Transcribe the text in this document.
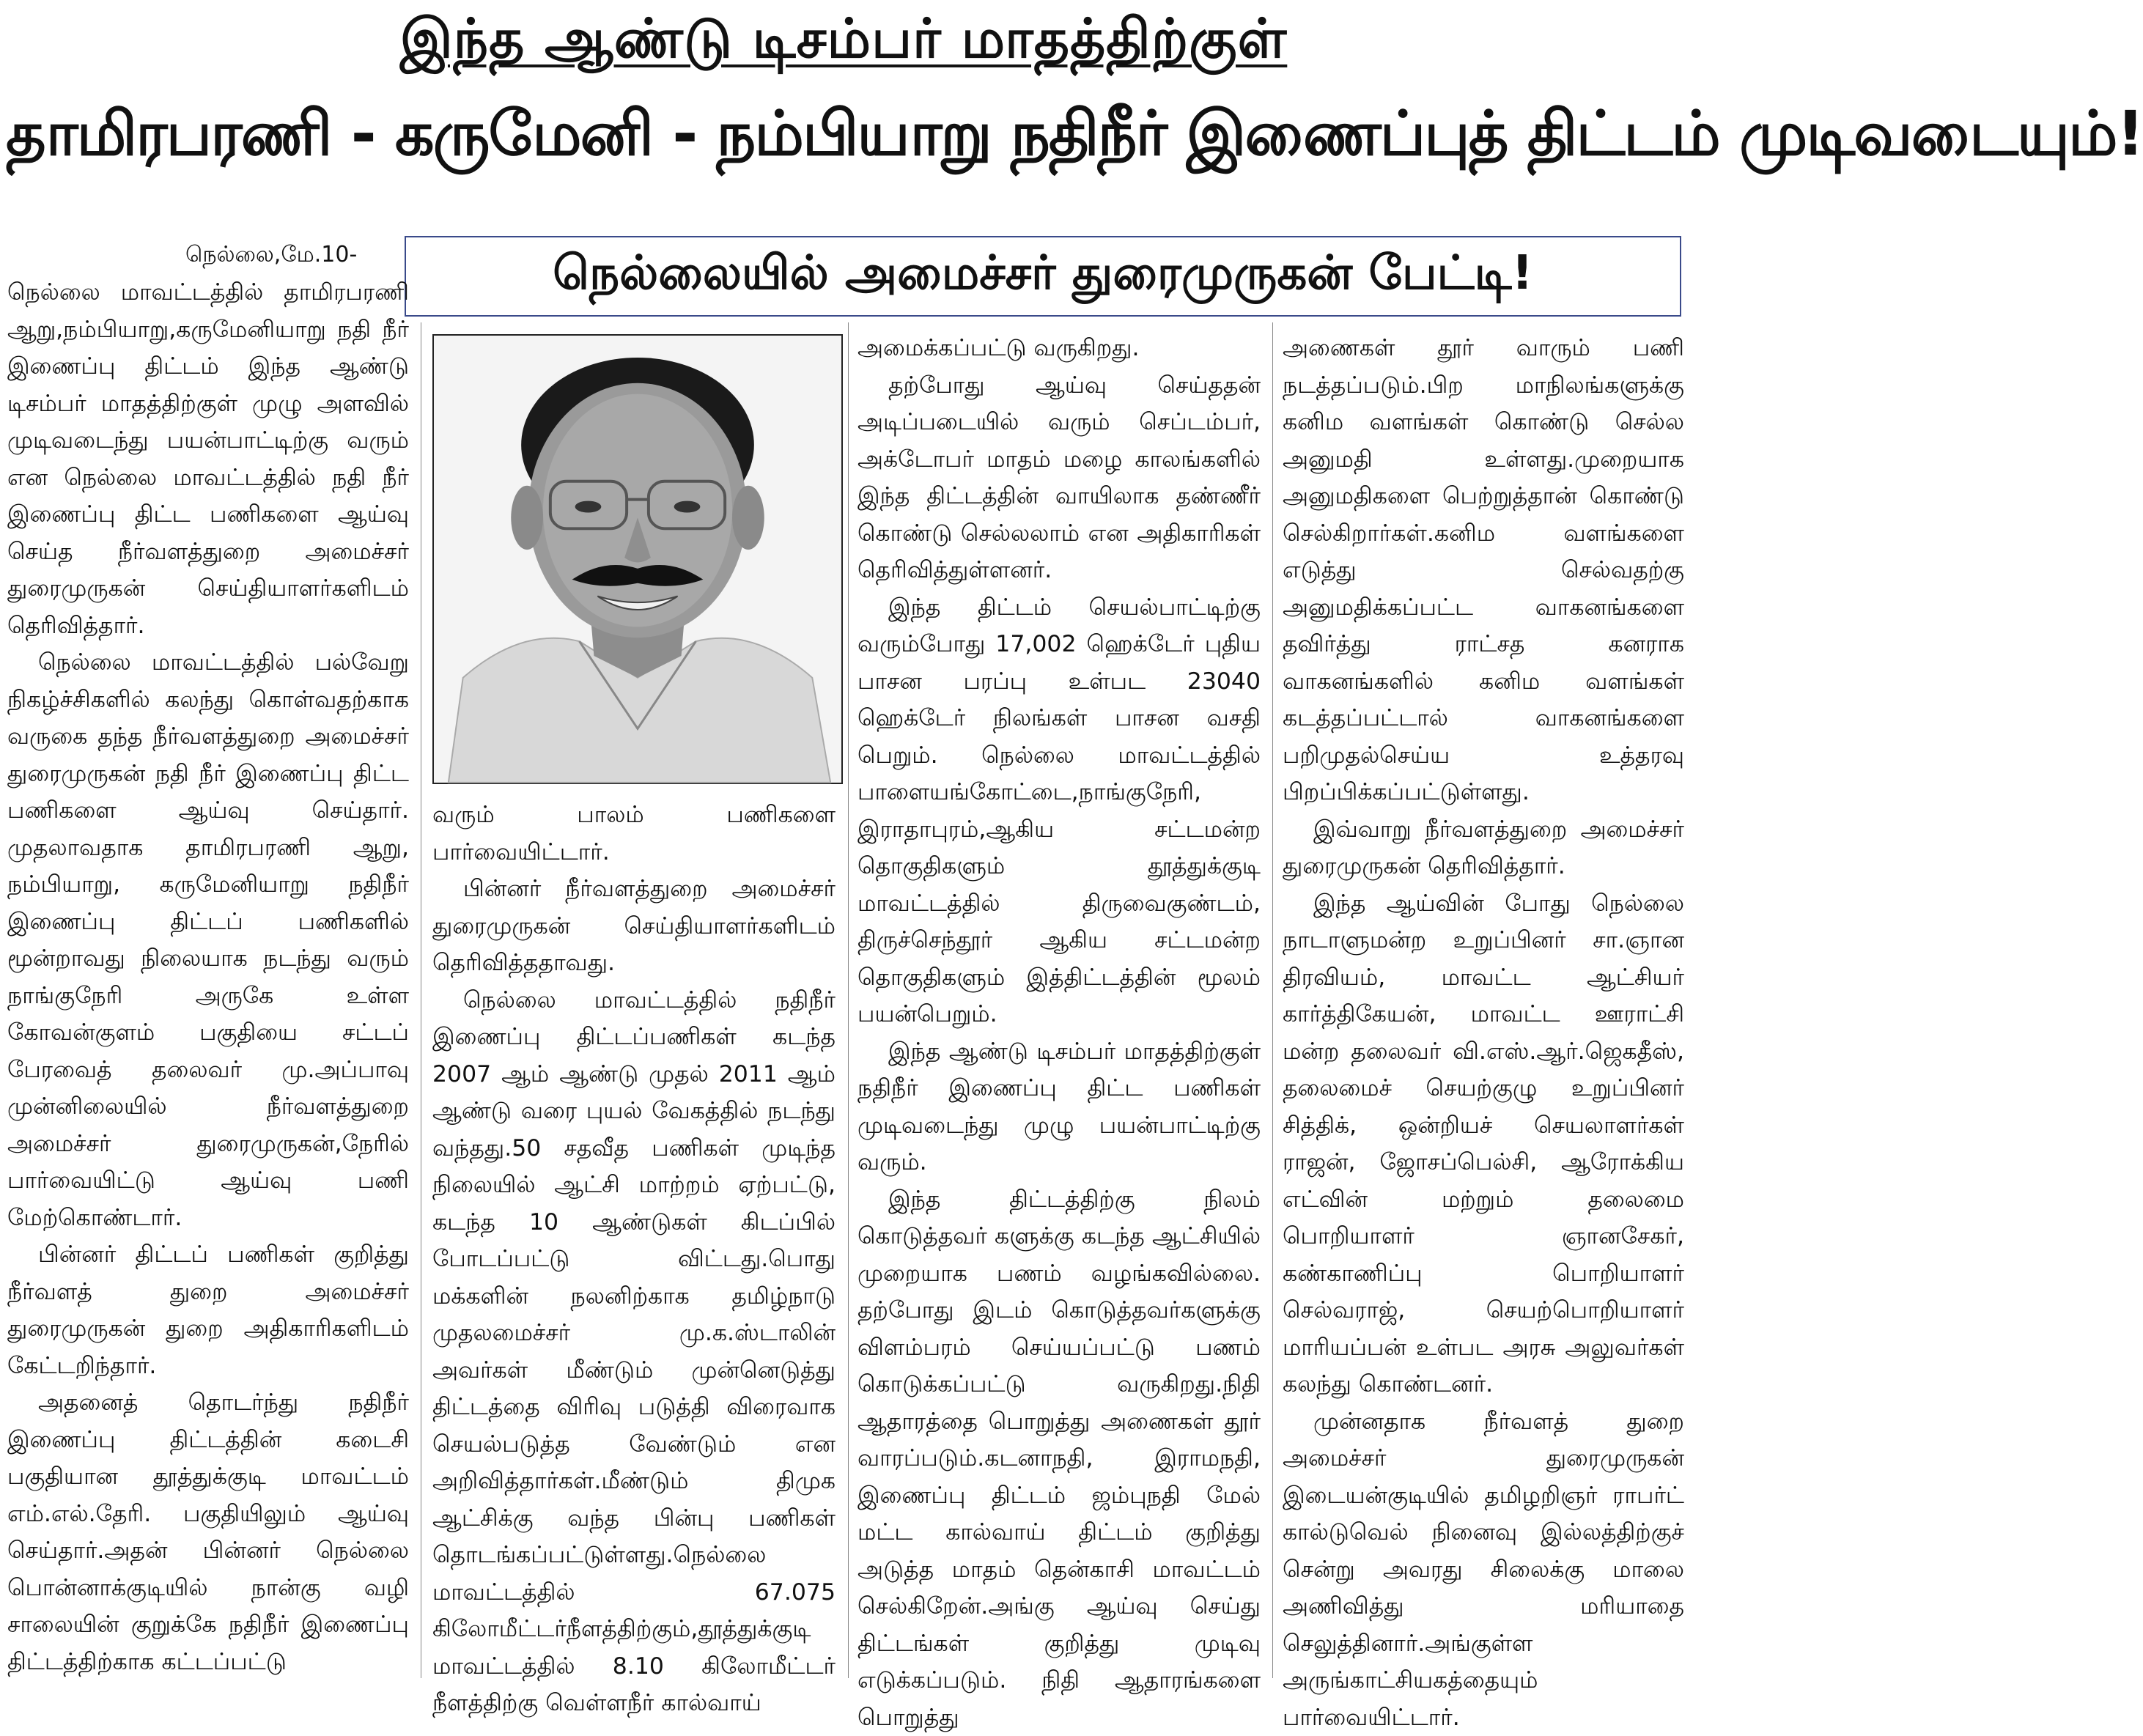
இந்த ஆண்டு டிசம்பர் மாதத்திற்குள்
தாமிரபரணி - கருமேனி - நம்பியாறு நதிநீர் இணைப்புத் திட்டம் முடிவடையும்!
நெல்லை,மே.10-	நெல்லையில் அமைச்சர் துரைமுருகன் பேட்டி!

நெல்லை மாவட்டத்தில் தாமிரபரணி ஆறு,நம்பியாறு,கருமேனியாறு நதி நீர் இணைப்பு திட்டம் இந்த ஆண்டு டிசம்பர் மாதத்திற்குள் முழு அளவில் முடிவடைந்து பயன்பாட்டிற்கு வரும் என நெல்லை மாவட்டத்தில் நதி நீர் இணைப்பு திட்ட பணிகளை ஆய்வு செய்த நீர்வளத்துறை அமைச்சர் துரைமுருகன் செய்தியாளர்களிடம் தெரிவித்தார்.

நெல்லை மாவட்டத்தில் பல்வேறு நிகழ்ச்சிகளில் கலந்து கொள்வதற்காக வருகை தந்த நீர்வளத்துறை அமைச்சர் துரைமுருகன் நதி நீர் இணைப்பு திட்ட பணிகளை ஆய்வு செய்தார். முதலாவதாக தாமிரபரணி ஆறு, நம்பியாறு, கருமேனியாறு நதிநீர் இணைப்பு திட்டப் பணிகளில் மூன்றாவது நிலையாக நடந்து வரும் நாங்குநேரி அருகே உள்ள கோவன்குளம் பகுதியை சட்டப் பேரவைத் தலைவர் மு.அப்பாவு முன்னிலையில் நீர்வளத்துறை அமைச்சர் துரைமுருகன்,நேரில் பார்வையிட்டு ஆய்வு பணி மேற்கொண்டார்.

பின்னர் திட்டப் பணிகள் குறித்து நீர்வளத் துறை அமைச்சர் துரைமுருகன் துறை அதிகாரிகளிடம் கேட்டறிந்தார்.

அதனைத் தொடர்ந்து நதிநீர் இணைப்பு திட்டத்தின் கடைசி பகுதியான தூத்துக்குடி மாவட்டம் எம்.எல்.தேரி. பகுதியிலும் ஆய்வு செய்தார்.அதன் பின்னர் நெல்லை பொன்னாக்குடியில் நான்கு வழி சாலையின் குறுக்கே நதிநீர் இணைப்பு திட்டத்திற்காக கட்டப்பட்டு

வரும் பாலம் பணிகளை பார்வையிட்டார்.

பின்னர் நீர்வளத்துறை அமைச்சர் துரைமுருகன் செய்தியாளர்களிடம் தெரிவித்ததாவது.

நெல்லை மாவட்டத்தில் நதிநீர் இணைப்பு திட்டப்பணிகள் கடந்த 2007 ஆம் ஆண்டு முதல் 2011 ஆம் ஆண்டு வரை புயல் வேகத்தில் நடந்து வந்தது.50 சதவீத பணிகள் முடிந்த நிலையில் ஆட்சி மாற்றம் ஏற்பட்டு, கடந்த 10 ஆண்டுகள் கிடப்பில் போடப்பட்டு விட்டது.பொது மக்களின் நலனிற்காக தமிழ்நாடு முதலமைச்சர் மு.க.ஸ்டாலின் அவர்கள் மீண்டும் முன்னெடுத்து திட்டத்தை விரிவு படுத்தி விரைவாக செயல்படுத்த வேண்டும் என அறிவித்தார்கள்.மீண்டும் திமுக ஆட்சிக்கு வந்த பின்பு பணிகள் தொடங்கப்பட்டுள்ளது.நெல்லை மாவட்டத்தில் 67.075 கிலோமீட்டர்நீளத்திற்கும்,தூத்துக்குடி மாவட்டத்தில் 8.10 கிலோமீட்டர் நீளத்திற்கு வெள்ளநீர் கால்வாய்

அமைக்கப்பட்டு வருகிறது.

தற்போது ஆய்வு செய்ததன் அடிப்படையில் வரும் செப்டம்பர், அக்டோபர் மாதம் மழை காலங்களில் இந்த திட்டத்தின் வாயிலாக தண்ணீர் கொண்டு செல்லலாம் என அதிகாரிகள் தெரிவித்துள்ளனர்.

இந்த திட்டம் செயல்பாட்டிற்கு வரும்போது 17,002 ஹெக்டேர் புதிய பாசன பரப்பு உள்பட 23040 ஹெக்டேர் நிலங்கள் பாசன வசதி பெறும். நெல்லை மாவட்டத்தில் பாளையங்கோட்டை,நாங்குநேரி, இராதாபுரம்,ஆகிய சட்டமன்ற தொகுதிகளும் தூத்துக்குடி மாவட்டத்தில் திருவைகுண்டம், திருச்செந்தூர் ஆகிய சட்டமன்ற தொகுதிகளும் இத்திட்டத்தின் மூலம் பயன்பெறும்.

இந்த ஆண்டு டிசம்பர் மாதத்திற்குள் நதிநீர் இணைப்பு திட்ட பணிகள் முடிவடைந்து முழு பயன்பாட்டிற்கு வரும்.

இந்த திட்டத்திற்கு நிலம் கொடுத்தவர் களுக்கு கடந்த ஆட்சியில் முறையாக பணம் வழங்கவில்லை. தற்போது இடம் கொடுத்தவர்களுக்கு விளம்பரம் செய்யப்பட்டு பணம் கொடுக்கப்பட்டு வருகிறது.நிதி ஆதாரத்தை பொறுத்து அணைகள் தூர் வாரப்படும்.கடனாநதி, இராமநதி, இணைப்பு திட்டம் ஜம்புநதி மேல் மட்ட கால்வாய் திட்டம் குறித்து அடுத்த மாதம் தென்காசி மாவட்டம் செல்கிறேன்.அங்கு ஆய்வு செய்து திட்டங்கள் குறித்து முடிவு எடுக்கப்படும். நிதி ஆதாரங்களை பொறுத்து

அணைகள் தூர் வாரும் பணி நடத்தப்படும்.பிற மாநிலங்களுக்கு கனிம வளங்கள் கொண்டு செல்ல அனுமதி உள்ளது.முறையாக அனுமதிகளை பெற்றுத்தான் கொண்டு செல்கிறார்கள்.கனிம வளங்களை எடுத்து செல்வதற்கு அனுமதிக்கப்பட்ட வாகனங்களை தவிர்த்து ராட்சத கனராக வாகனங்களில் கனிம வளங்கள் கடத்தப்பட்டால் வாகனங்களை பறிமுதல்செய்ய உத்தரவு பிறப்பிக்கப்பட்டுள்ளது.

இவ்வாறு நீர்வளத்துறை அமைச்சர் துரைமுருகன் தெரிவித்தார்.

இந்த ஆய்வின் போது நெல்லை நாடாளுமன்ற உறுப்பினர் சா.ஞான திரவியம், மாவட்ட ஆட்சியர் கார்த்திகேயன், மாவட்ட ஊராட்சி மன்ற தலைவர் வி.எஸ்.ஆர்.ஜெகதீஸ், தலைமைச் செயற்குழு உறுப்பினர் சித்திக், ஒன்றியச் செயலாளர்கள் ராஜன், ஜோசப்பெல்சி, ஆரோக்கிய எட்வின் மற்றும் தலைமை பொறியாளர் ஞானசேகர், கண்காணிப்பு பொறியாளர் செல்வராஜ், செயற்பொறியாளர் மாரியப்பன் உள்பட அரசு அலுவர்கள் கலந்து கொண்டனர்.

முன்னதாக நீர்வளத் துறை அமைச்சர் துரைமுருகன் இடையன்குடியில் தமிழறிஞர் ராபர்ட் கால்டுவெல் நினைவு இல்லத்திற்குச் சென்று அவரது சிலைக்கு மாலை அணிவித்து மரியாதை செலுத்தினார்.அங்குள்ள அருங்காட்சியகத்தையும் பார்வையிட்டார்.
